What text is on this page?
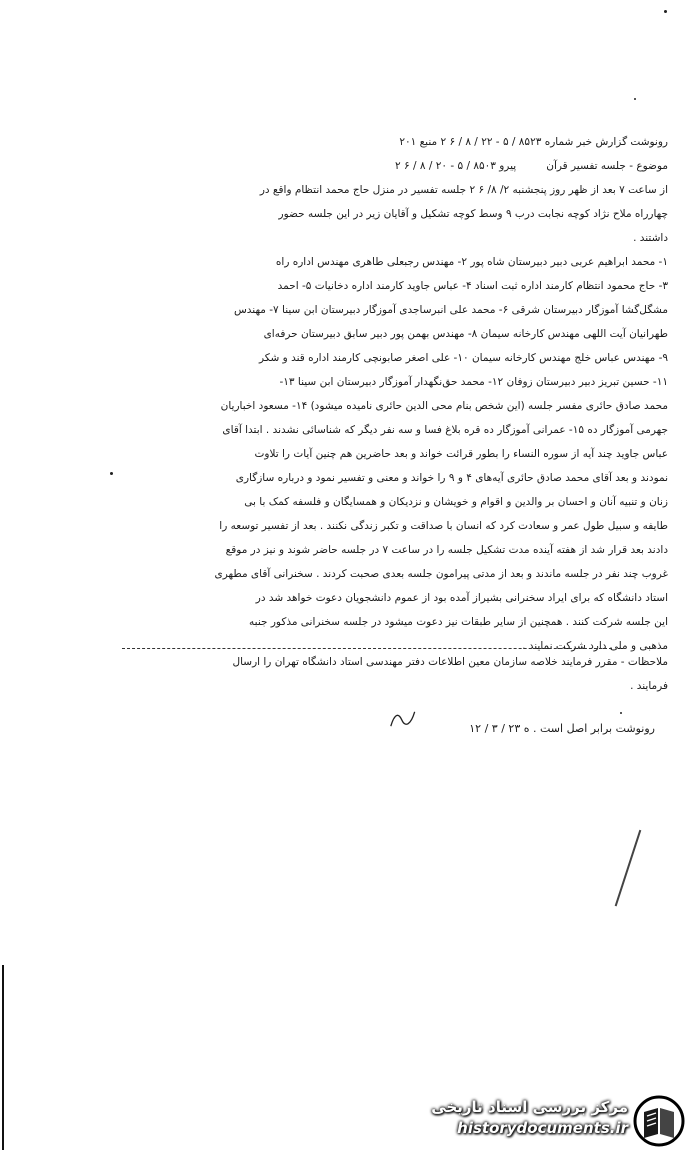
رونوشت گزارش خبر شماره ۸۵۲۳ / ۵ - ۲۲ / ۸ / ۶ ۲ منبع ۲۰۱
موضوع - جلسه تفسیر قرآن         پیرو ۸۵۰۳ / ۵ - ۲۰ / ۸ / ۶ ۲
از ساعت ۷ بعد از ظهر روز پنجشنبه ۲/ ۸/ ۶ ۲ جلسه تفسیر در منزل حاج محمد انتظام واقع در
چهارراه ملاح نژاد کوچه نجابت درب ۹ وسط کوچه تشکیل و آقایان زیر در این جلسه حضور
داشتند .
۱- محمد ابراهیم عربی دبیر دبیرستان شاه پور ۲- مهندس رجبعلی طاهری مهندس اداره راه
۳- حاج محمود انتظام کارمند اداره ثبت اسناد ۴- عباس جاوید کارمند اداره دخانیات ۵- احمد
مشگل‌گشا آموزگار دبیرستان شرقی ۶- محمد علی انبرساجدی آموزگار دبیرستان ابن سینا ۷- مهندس
طهرانیان آیت اللهی مهندس کارخانه سیمان ۸- مهندس بهمن پور دبیر سابق دبیرستان حرفه‌ای
۹- مهندس عباس خلج مهندس کارخانه سیمان ۱۰- علی اصغر صابونچی کارمند اداره قند و شکر
۱۱- حسین تبریز دبیر دبیرستان زوفان ۱۲- محمد حق‌نگهدار آموزگار دبیرستان ابن سینا ۱۳-
محمد صادق حائری مفسر جلسه (این شخص بنام محی الدین حائری نامیده میشود) ۱۴- مسعود اخباریان
جهرمی آموزگار ده ۱۵- عمرانی آموزگار ده قره بلاغ فسا و سه نفر دیگر که شناسائی نشدند . ابتدا آقای
عباس جاوید چند آیه از سوره النساء را بطور قرائت خواند و بعد حاضرین هم چنین آیات را تلاوت
نمودند و بعد آقای محمد صادق حائری آیه‌های ۴ و ۹ را خواند و معنی و تفسیر نمود و درباره سازگاری
زنان و تنبیه آنان و احسان بر والدین و اقوام و خویشان و نزدیکان و همسایگان و فلسفه کمک با بی
طایفه و سبیل طول عمر و سعادت کرد که انسان با صداقت و تکبر زندگی نکنند . بعد از تفسیر توسعه را
دادند بعد قرار شد از هفته آینده مدت تشکیل جلسه را در ساعت ۷ در جلسه حاضر شوند و نیز در موقع
غروب چند نفر در جلسه ماندند و بعد از مدتی پیرامون جلسه بعدی صحبت کردند . سخنرانی آقای مطهری
استاد دانشگاه که برای ایراد سخنرانی بشیراز آمده بود از عموم دانشجویان دعوت خواهد شد در
این جلسه شرکت کنند . همچنین از سایر طبقات نیز دعوت میشود در جلسه سخنرانی مذکور جنبه
مذهبی و ملی دارد شرکت نمایند .
ملاحظات - مقرر فرمایند خلاصه سازمان معین اطلاعات دفتر مهندسی استاد دانشگاه تهران را ارسال
فرمایند .
رونوشت برابر اصل است . ه ۲۳ / ۳ / ۱۲
مرکز بررسی اسناد تاریخی
historydocuments.ir
